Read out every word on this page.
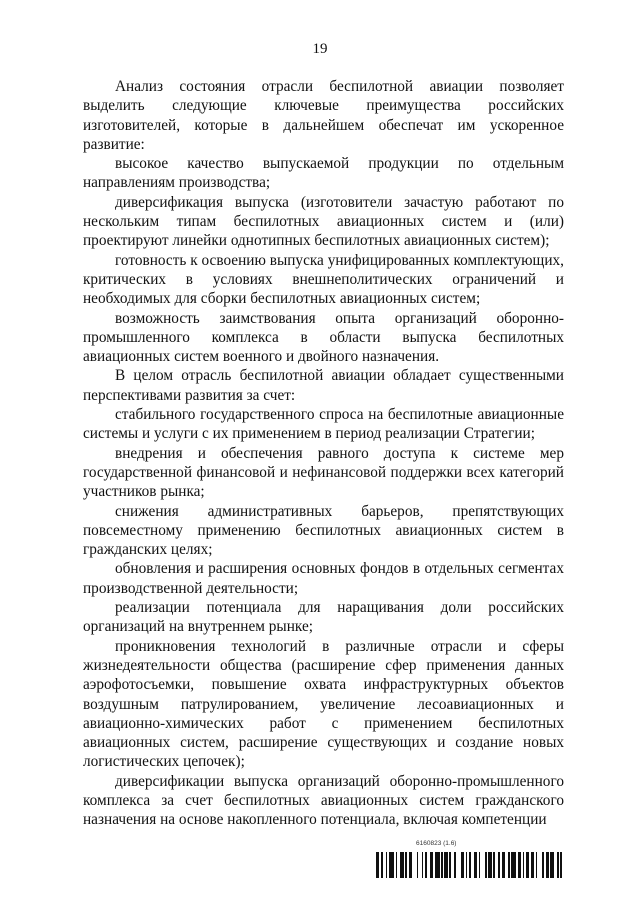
19

Анализ состояния отрасли беспилотной авиации позволяет выделить следующие ключевые преимущества российских изготовителей, которые в дальнейшем обеспечат им ускоренное развитие:

высокое качество выпускаемой продукции по отдельным направлениям производства;

диверсификация выпуска (изготовители зачастую работают по нескольким типам беспилотных авиационных систем и (или) проектируют линейки однотипных беспилотных авиационных систем);

готовность к освоению выпуска унифицированных комплектующих, критических в условиях внешнеполитических ограничений и необходимых для сборки беспилотных авиационных систем;

возможность заимствования опыта организаций оборонно-промышленного комплекса в области выпуска беспилотных авиационных систем военного и двойного назначения.

В целом отрасль беспилотной авиации обладает существенными перспективами развития за счет:

стабильного государственного спроса на беспилотные авиационные системы и услуги с их применением в период реализации Стратегии;

внедрения и обеспечения равного доступа к системе мер государственной финансовой и нефинансовой поддержки всех категорий участников рынка;

снижения административных барьеров, препятствующих повсеместному применению беспилотных авиационных систем в гражданских целях;

обновления и расширения основных фондов в отдельных сегментах производственной деятельности;

реализации потенциала для наращивания доли российских организаций на внутреннем рынке;

проникновения технологий в различные отрасли и сферы жизнедеятельности общества (расширение сфер применения данных аэрофотосъемки, повышение охвата инфраструктурных объектов воздушным патрулированием, увеличение лесоавиационных и авиационно-химических работ с применением беспилотных авиационных систем, расширение существующих и создание новых логистических цепочек);

диверсификации выпуска организаций оборонно-промышленного комплекса за счет беспилотных авиационных систем гражданского назначения на основе накопленного потенциала, включая компетенции

6160823 (1.6)
